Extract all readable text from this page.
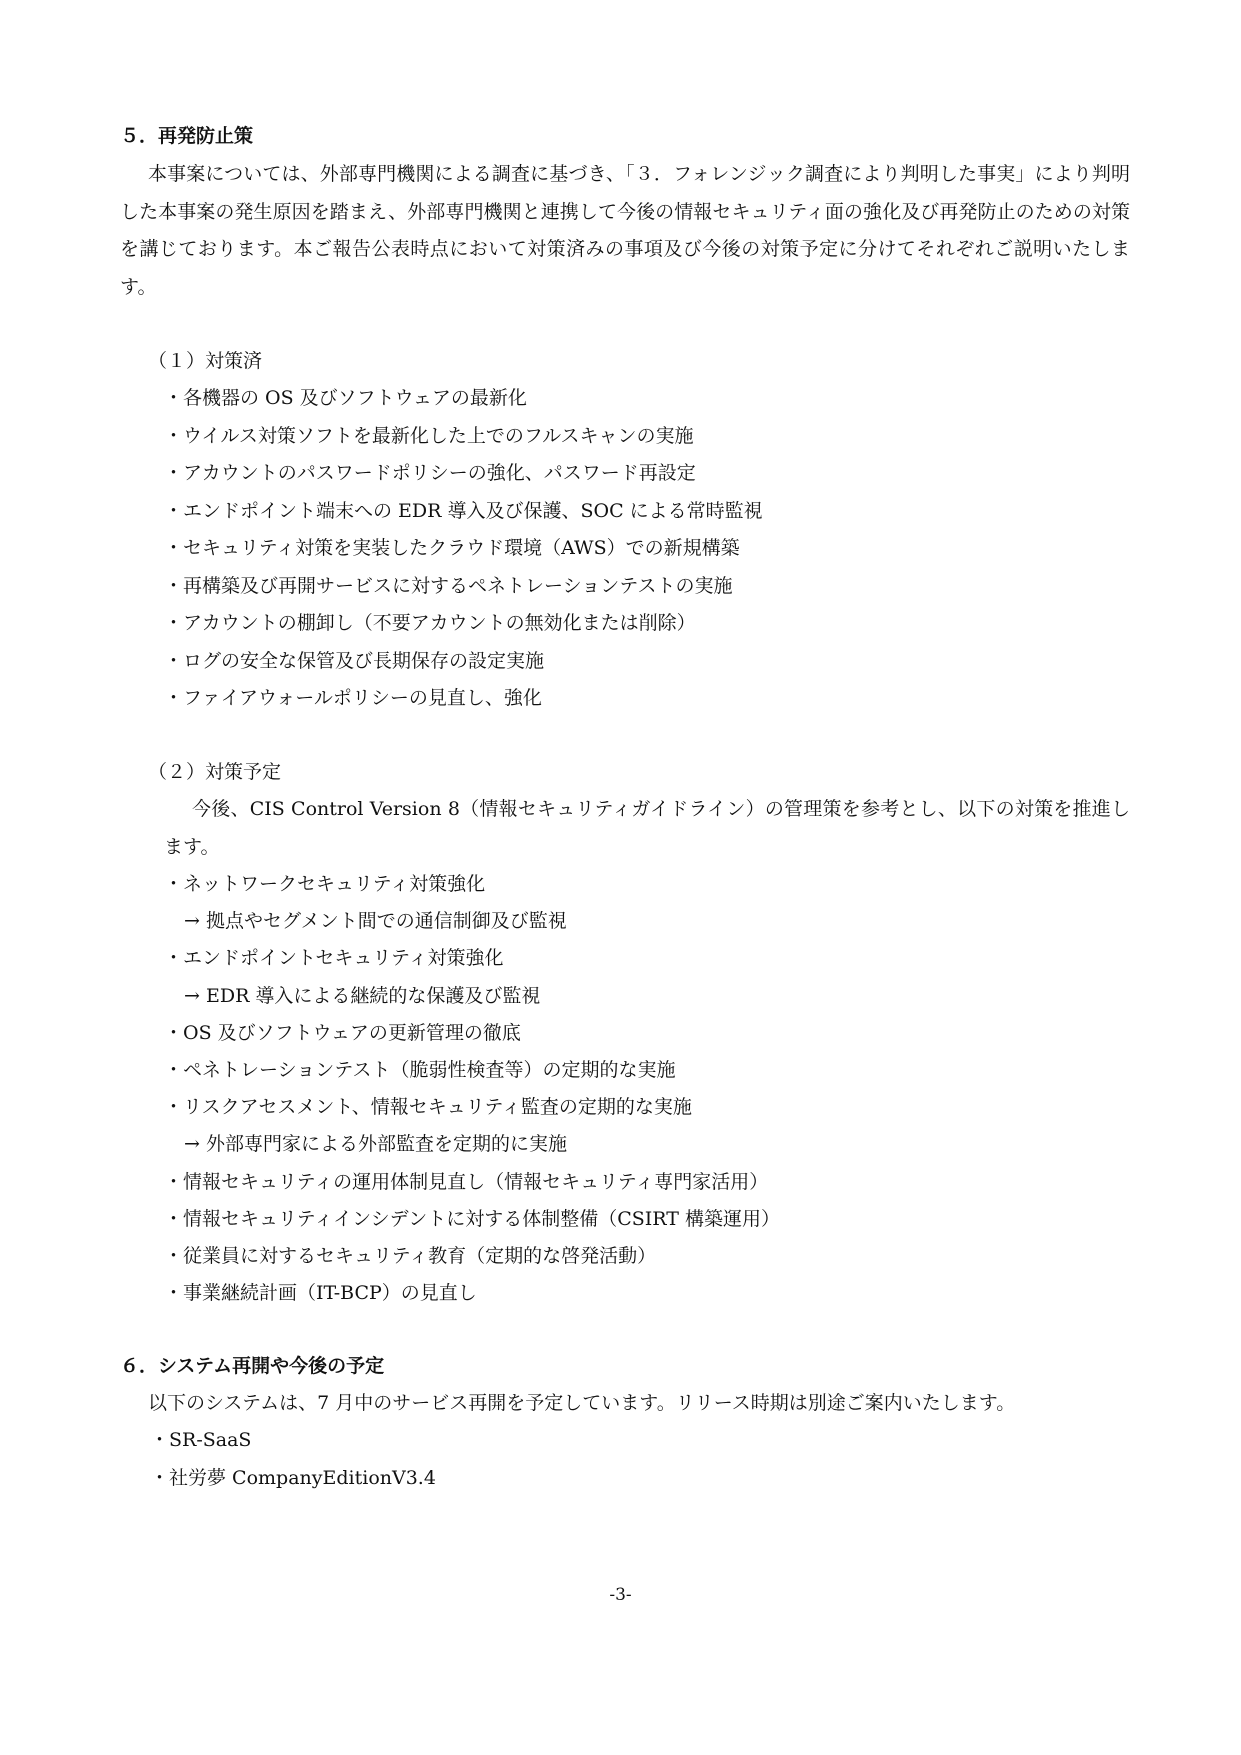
５．再発防止策

本事案については、外部専門機関による調査に基づき、「３．フォレンジック調査により判明した事実」により判明した本事案の発生原因を踏まえ、外部専門機関と連携して今後の情報セキュリティ面の強化及び再発防止のための対策を講じております。本ご報告公表時点において対策済みの事項及び今後の対策予定に分けてそれぞれご説明いたします。

（１）対策済
・各機器の OS 及びソフトウェアの最新化
・ウイルス対策ソフトを最新化した上でのフルスキャンの実施
・アカウントのパスワードポリシーの強化、パスワード再設定
・エンドポイント端末への EDR 導入及び保護、SOC による常時監視
・セキュリティ対策を実装したクラウド環境（AWS）での新規構築
・再構築及び再開サービスに対するペネトレーションテストの実施
・アカウントの棚卸し（不要アカウントの無効化または削除）
・ログの安全な保管及び長期保存の設定実施
・ファイアウォールポリシーの見直し、強化
（２）対策予定

今後、CIS Control Version 8（情報セキュリティガイドライン）の管理策を参考とし、以下の対策を推進します。

・ネットワークセキュリティ対策強化
→ 拠点やセグメント間での通信制御及び監視
・エンドポイントセキュリティ対策強化
→ EDR 導入による継続的な保護及び監視
・OS 及びソフトウェアの更新管理の徹底
・ペネトレーションテスト（脆弱性検査等）の定期的な実施
・リスクアセスメント、情報セキュリティ監査の定期的な実施
→ 外部専門家による外部監査を定期的に実施
・情報セキュリティの運用体制見直し（情報セキュリティ専門家活用）
・情報セキュリティインシデントに対する体制整備（CSIRT 構築運用）
・従業員に対するセキュリティ教育（定期的な啓発活動）
・事業継続計画（IT-BCP）の見直し
６．システム再開や今後の予定
以下のシステムは、7 月中のサービス再開を予定しています。リリース時期は別途ご案内いたします。
・SR-SaaS
・社労夢 CompanyEditionV3.4
-3-
